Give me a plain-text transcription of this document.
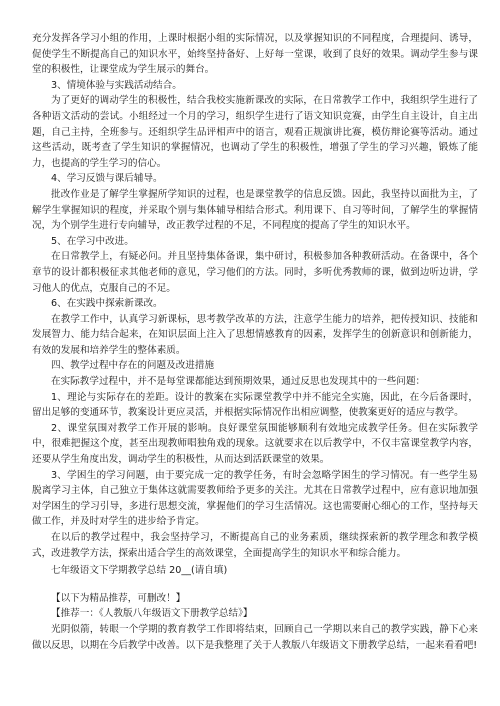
充分发挥各学习小组的作用，上课时根据小组的实际情况，以及掌握知识的不同程度，合理提问、诱导，促使学生不断提高自己的知识水平，始终坚持备好、上好每一堂课，收到了良好的效果。调动学生参与课堂的积极性，让课堂成为学生展示的舞台。

3、情境体验与实践活动结合。

为了更好的调动学生的积极性，结合我校实施新课改的实际，在日常教学工作中，我组织学生进行了各种语文活动的尝试。小组经过一个月的学习，组织学生进行了语文知识竞赛，由学生自主设计，自主出题，自己主持，全班参与。还组织学生品评相声中的语言，观看正规演讲比赛，模仿辩论赛等活动。通过这些活动，既考查了学生知识的掌握情况，也调动了学生的积极性，增强了学生的学习兴趣，锻炼了能力，也提高的学生学习的信心。

4、学习反馈与课后辅导。

批改作业是了解学生掌握所学知识的过程，也是课堂教学的信息反馈。因此，我坚持以面批为主，了解学生掌握知识的程度，并采取个别与集体辅导相结合形式。利用课下、自习等时间，了解学生的掌握情况，为个别学生进行专向辅导，改正教学过程的不足，不同程度的提高了学生的知识水平。

5、在学习中改进。

在日常教学上，有疑必问。并且坚持集体备课，集中研讨，积极参加各种教研活动。在备课中，各个章节的设计都积极征求其他老师的意见，学习他们的方法。同时，多听优秀教师的课，做到边听边讲，学习他人的优点，克服自己的不足。

6、在实践中探索新课改。

在教学工作中，认真学习新课标，思考教学改革的方法，注意学生能力的培养，把传授知识、技能和发展智力、能力结合起来，在知识层面上注入了思想情感教育的因素，发挥学生的创新意识和创新能力，有效的发展和培养学生的整体素质。

四、教学过程中存在的问题及改进措施

在实际教学过程中，并不是每堂课都能达到预期效果，通过反思也发现其中的一些问题：

1、理论与实际存在的差距。设计的教案在实际课堂教学中并不能完全实施，因此，在今后备课时，留出足够的变通环节，教案设计更应灵活，并根据实际情况作出相应调整，使教案更好的适应与教学。

2、课堂氛围对教学工作开展的影响。良好课堂氛围能够顺利有效地完成教学任务。但在实际教学中，很难把握这个度，甚至出现教师唱独角戏的现象。这就要求在以后教学中，不仅丰富课堂教学内容，还要从学生角度出发，调动学生的积极性，从而达到活跃课堂的效果。

3、学困生的学习问题，由于要完成一定的教学任务，有时会忽略学困生的学习情况。有一些学生易脱离学习主体，自己独立于集体这就需要教师给予更多的关注。尤其在日常教学过程中，应有意识地加强对学困生的学习引导，多进行思想交流，掌握他们的学习生活情况。这也需要耐心细心的工作，坚持每天做工作，并及时对学生的进步给予肯定。

在以后的教学过程中，我会坚持学习，不断提高自己的业务素质，继续探索新的教学理念和教学模式，改进教学方法，探索出适合学生的高效课堂，全面提高学生的知识水平和综合能力。

七年级语文下学期教学总结 20__(请自填)

【以下为精品推荐，可删改！】

【推荐一：《人教版八年级语文下册教学总结》】

光阴似箭，转眼一个学期的教育教学工作即将结束，回顾自己一学期以来自己的教学实践，静下心来做以反思，以期在今后教学中改善。以下是我整理了关于人教版八年级语文下册教学总结，一起来看看吧!
